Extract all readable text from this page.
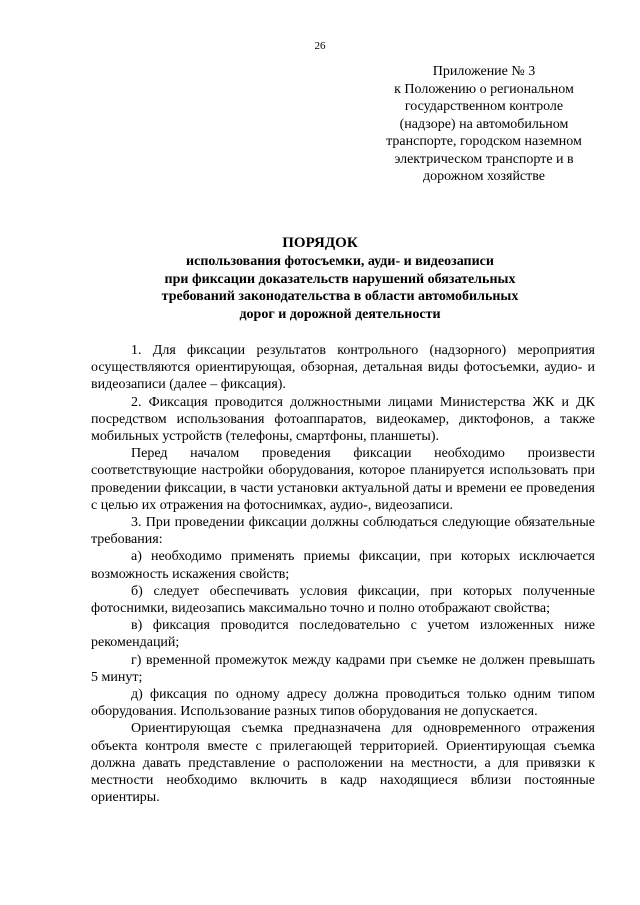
26
Приложение № 3
к Положению о региональном
государственном контроле
(надзоре) на автомобильном
транспорте, городском наземном
электрическом транспорте и в
дорожном хозяйстве
ПОРЯДОК
использования фотосъемки, ауди- и видеозаписи
при фиксации доказательств нарушений обязательных
требований законодательства в области автомобильных
дорог и дорожной деятельности

1. Для фиксации результатов контрольного (надзорного) мероприятия осуществляются ориентирующая, обзорная, детальная виды фотосъемки, аудио- и видеозаписи (далее – фиксация).

2. Фиксация проводится должностными лицами Министерства ЖК и ДК посредством использования фотоаппаратов, видеокамер, диктофонов, а также мобильных устройств (телефоны, смартфоны, планшеты).

Перед началом проведения фиксации необходимо произвести соответствующие настройки оборудования, которое планируется использовать при проведении фиксации, в части установки актуальной даты и времени ее проведения с целью их отражения на фотоснимках, аудио-, видеозаписи.

3. При проведении фиксации должны соблюдаться следующие обязательные требования:

а) необходимо применять приемы фиксации, при которых исключается возможность искажения свойств;

б) следует обеспечивать условия фиксации, при которых полученные фотоснимки, видеозапись максимально точно и полно отображают свойства;

в) фиксация проводится последовательно с учетом изложенных ниже рекомендаций;

г) временной промежуток между кадрами при съемке не должен превышать 5 минут;

д) фиксация по одному адресу должна проводиться только одним типом оборудования. Использование разных типов оборудования не допускается.

Ориентирующая съемка предназначена для одновременного отражения объекта контроля вместе с прилегающей территорией. Ориентирующая съемка должна давать представление о расположении на местности, а для привязки к местности необходимо включить в кадр находящиеся вблизи постоянные ориентиры.
